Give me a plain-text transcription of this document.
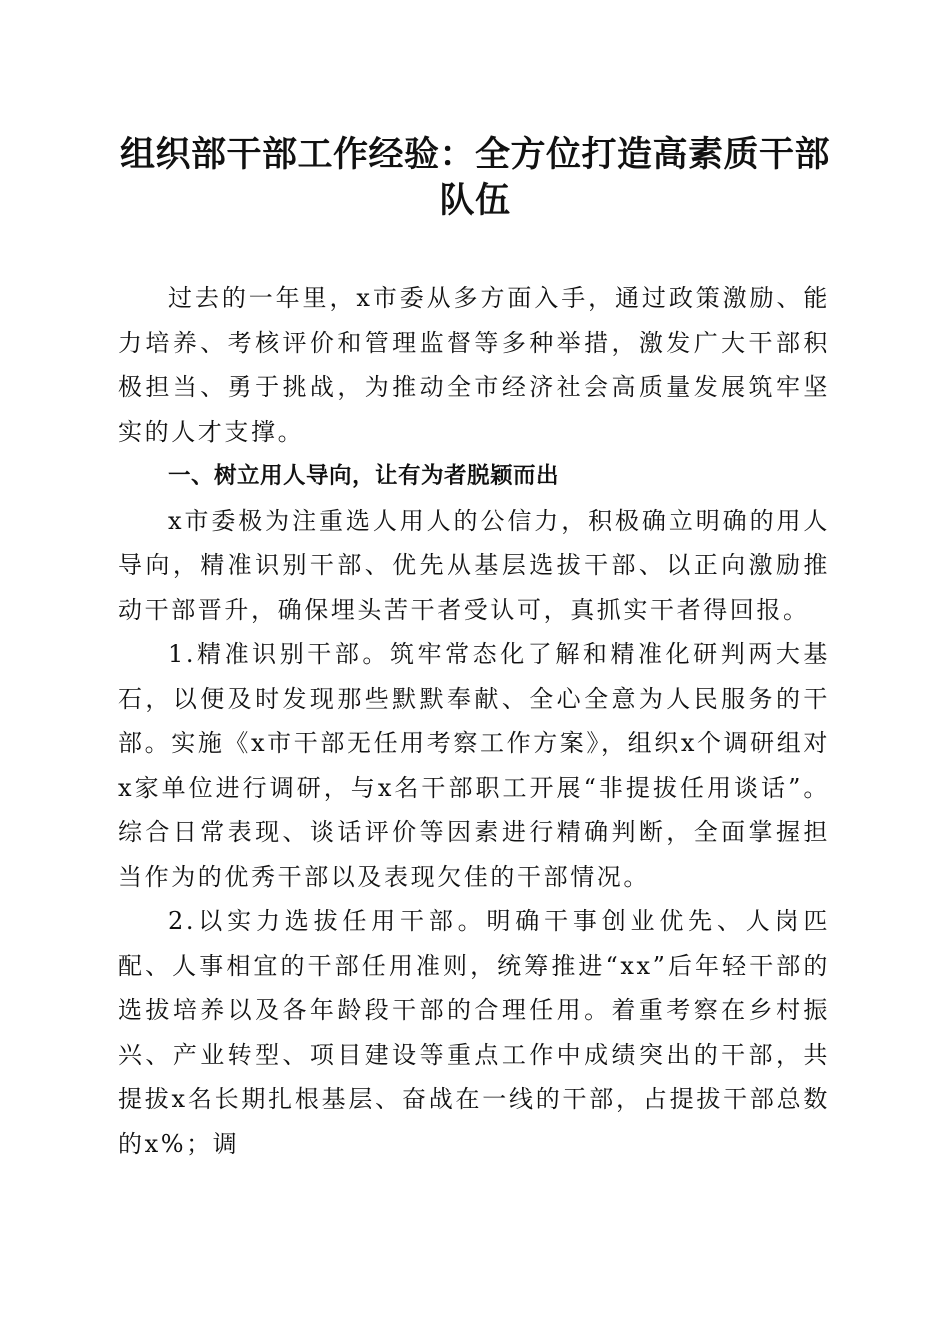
组织部干部工作经验：全方位打造高素质干部队伍

过去的一年里，x市委从多方面入手，通过政策激励、能力培养、考核评价和管理监督等多种举措，激发广大干部积极担当、勇于挑战，为推动全市经济社会高质量发展筑牢坚实的人才支撑。

一、树立用人导向，让有为者脱颖而出

x市委极为注重选人用人的公信力，积极确立明确的用人导向，精准识别干部、优先从基层选拔干部、以正向激励推动干部晋升，确保埋头苦干者受认可，真抓实干者得回报。

1.精准识别干部。筑牢常态化了解和精准化研判两大基石，以便及时发现那些默默奉献、全心全意为人民服务的干部。实施《x市干部无任用考察工作方案》，组织x个调研组对x家单位进行调研，与x名干部职工开展“非提拔任用谈话”。综合日常表现、谈话评价等因素进行精确判断，全面掌握担当作为的优秀干部以及表现欠佳的干部情况。

2.以实力选拔任用干部。明确干事创业优先、人岗匹配、人事相宜的干部任用准则，统筹推进“xx”后年轻干部的选拔培养以及各年龄段干部的合理任用。着重考察在乡村振兴、产业转型、项目建设等重点工作中成绩突出的干部，共提拔x名长期扎根基层、奋战在一线的干部，占提拔干部总数的x%；调
